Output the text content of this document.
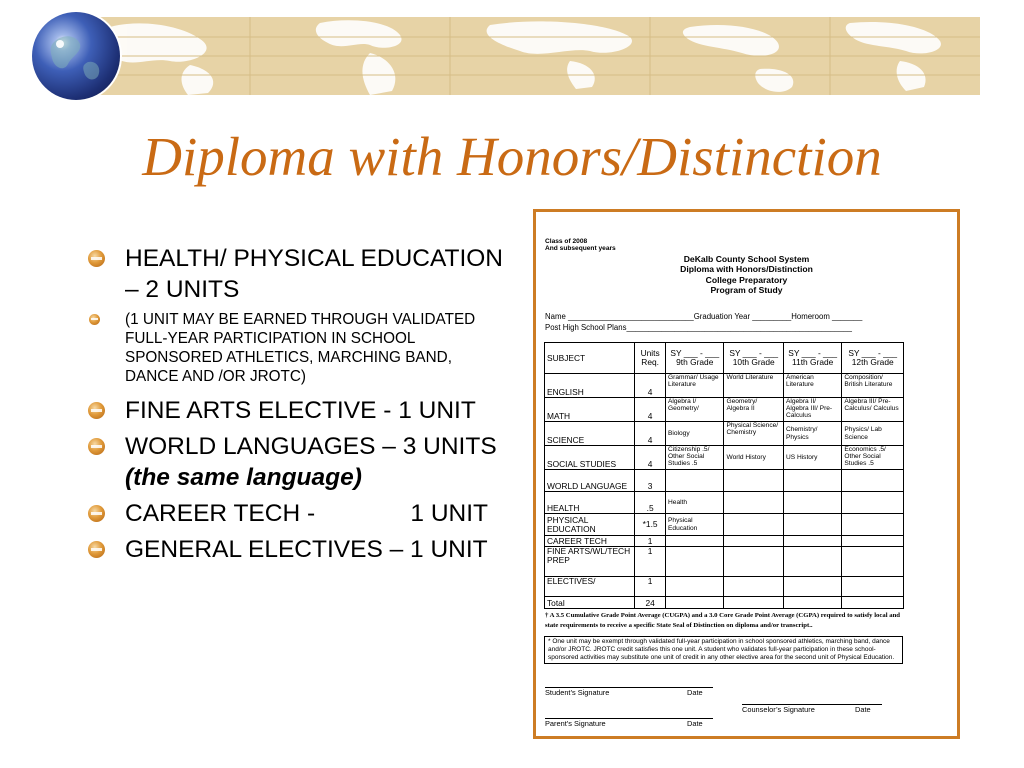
Diploma with Honors/Distinction
HEALTH/ PHYSICAL EDUCATION – 2 UNITS
(1 UNIT MAY BE EARNED THROUGH VALIDATED FULL-YEAR PARTICIPATION IN SCHOOL SPONSORED ATHLETICS, MARCHING BAND, DANCE AND /OR JROTC)
FINE ARTS ELECTIVE - 1 UNIT
WORLD LANGUAGES – 3 UNITS (the same language)
CAREER TECH -              1 UNIT
GENERAL ELECTIVES – 1 UNIT
Class of 2008
And subsequent years
DeKalb County School System
Diploma with Honors/Distinction
College Preparatory
Program of Study
Name _____________________________Graduation Year _________Homeroom _______
Post High School Plans____________________________________________________
SUBJECT	Units Req.	SY ___ - ___ 9th Grade	SY ___ - ___ 10th Grade	SY ___ - ___ 11th Grade	SY ___ - ___ 12th Grade
ENGLISH	4	Grammar/ Usage Literature	World Literature	American Literature	Composition/ British Literature
MATH	4	Algebra I/ Geometry/	Geometry/ Algebra II	Algebra II/ Algebra III/ Pre-Calculus	Algebra III/ Pre-Calculus/ Calculus
SCIENCE	4	Biology	Physical Science/ Chemistry	Chemistry/ Physics	Physics/ Lab Science
SOCIAL STUDIES	4	Citizenship .5/ Other Social Studies .5	World History	US History	Economics .5/ Other Social Studies .5
WORLD LANGUAGE	3				
HEALTH	.5	Health			
PHYSICAL EDUCATION	*1.5	Physical Education			
CAREER TECH	1				
FINE ARTS/WL/TECH PREP	1				
ELECTIVES/	1				
Total	24				
† A 3.5 Cumulative Grade Point Average (CUGPA) and a 3.0 Core Grade Point Average (CGPA) required to satisfy local and state requirements to receive a specific State Seal of Distinction on diploma and/or transcript..
* One unit may be exempt through validated full-year participation in school sponsored athletics, marching band, dance and/or JROTC. JROTC credit satisfies this one unit. A student who validates full-year participation in these school-sponsored activities may substitute one unit of credit in any other elective area for the second unit of Physical Education.
Student’s Signature	Date
Counselor’s Signature	Date
Parent’s Signature	Date
